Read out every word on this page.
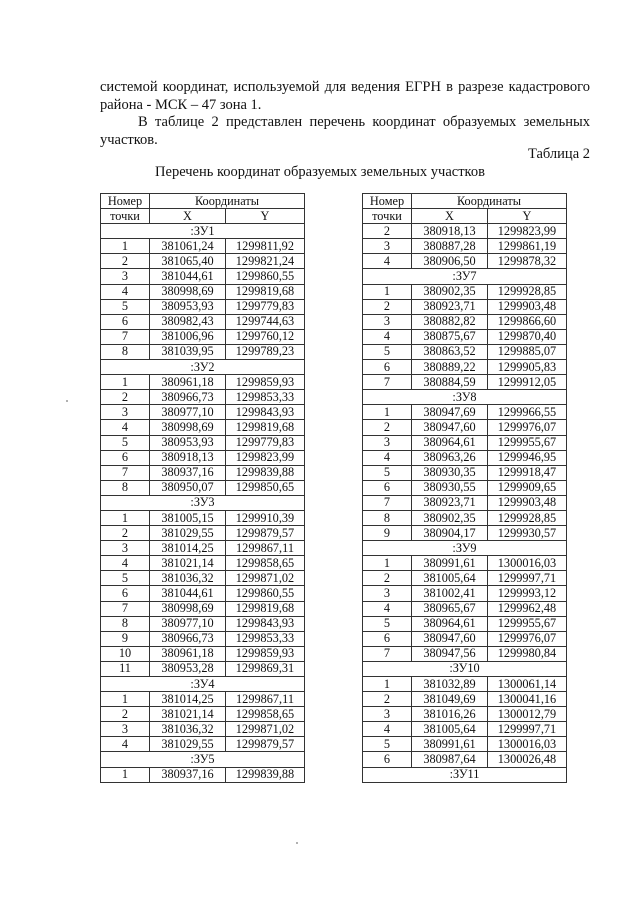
системой координат, используемой для ведения ЕГРН в разрезе кадастрового района - МСК – 47 зона 1.
В таблице 2 представлен перечень координат образуемых земельных участков.
Таблица 2
Перечень координат образуемых земельных участков
Номер	Координаты	
точки	X	Y
:ЗУ1		
1	381061,24	1299811,92
2	381065,40	1299821,24
3	381044,61	1299860,55
4	380998,69	1299819,68
5	380953,93	1299779,83
6	380982,43	1299744,63
7	381006,96	1299760,12
8	381039,95	1299789,23
:ЗУ2		
1	380961,18	1299859,93
2	380966,73	1299853,33
3	380977,10	1299843,93
4	380998,69	1299819,68
5	380953,93	1299779,83
6	380918,13	1299823,99
7	380937,16	1299839,88
8	380950,07	1299850,65
:ЗУ3		
1	381005,15	1299910,39
2	381029,55	1299879,57
3	381014,25	1299867,11
4	381021,14	1299858,65
5	381036,32	1299871,02
6	381044,61	1299860,55
7	380998,69	1299819,68
8	380977,10	1299843,93
9	380966,73	1299853,33
10	380961,18	1299859,93
11	380953,28	1299869,31
:ЗУ4		
1	381014,25	1299867,11
2	381021,14	1299858,65
3	381036,32	1299871,02
4	381029,55	1299879,57
:ЗУ5		
1	380937,16	1299839,88
Номер	Координаты	
точки	X	Y
2	380918,13	1299823,99
3	380887,28	1299861,19
4	380906,50	1299878,32
:ЗУ7		
1	380902,35	1299928,85
2	380923,71	1299903,48
3	380882,82	1299866,60
4	380875,67	1299870,40
5	380863,52	1299885,07
6	380889,22	1299905,83
7	380884,59	1299912,05
:ЗУ8		
1	380947,69	1299966,55
2	380947,60	1299976,07
3	380964,61	1299955,67
4	380963,26	1299946,95
5	380930,35	1299918,47
6	380930,55	1299909,65
7	380923,71	1299903,48
8	380902,35	1299928,85
9	380904,17	1299930,57
:ЗУ9		
1	380991,61	1300016,03
2	381005,64	1299997,71
3	381002,41	1299993,12
4	380965,67	1299962,48
5	380964,61	1299955,67
6	380947,60	1299976,07
7	380947,56	1299980,84
:ЗУ10		
1	381032,89	1300061,14
2	381049,69	1300041,16
3	381016,26	1300012,79
4	381005,64	1299997,71
5	380991,61	1300016,03
6	380987,64	1300026,48
:ЗУ11		
